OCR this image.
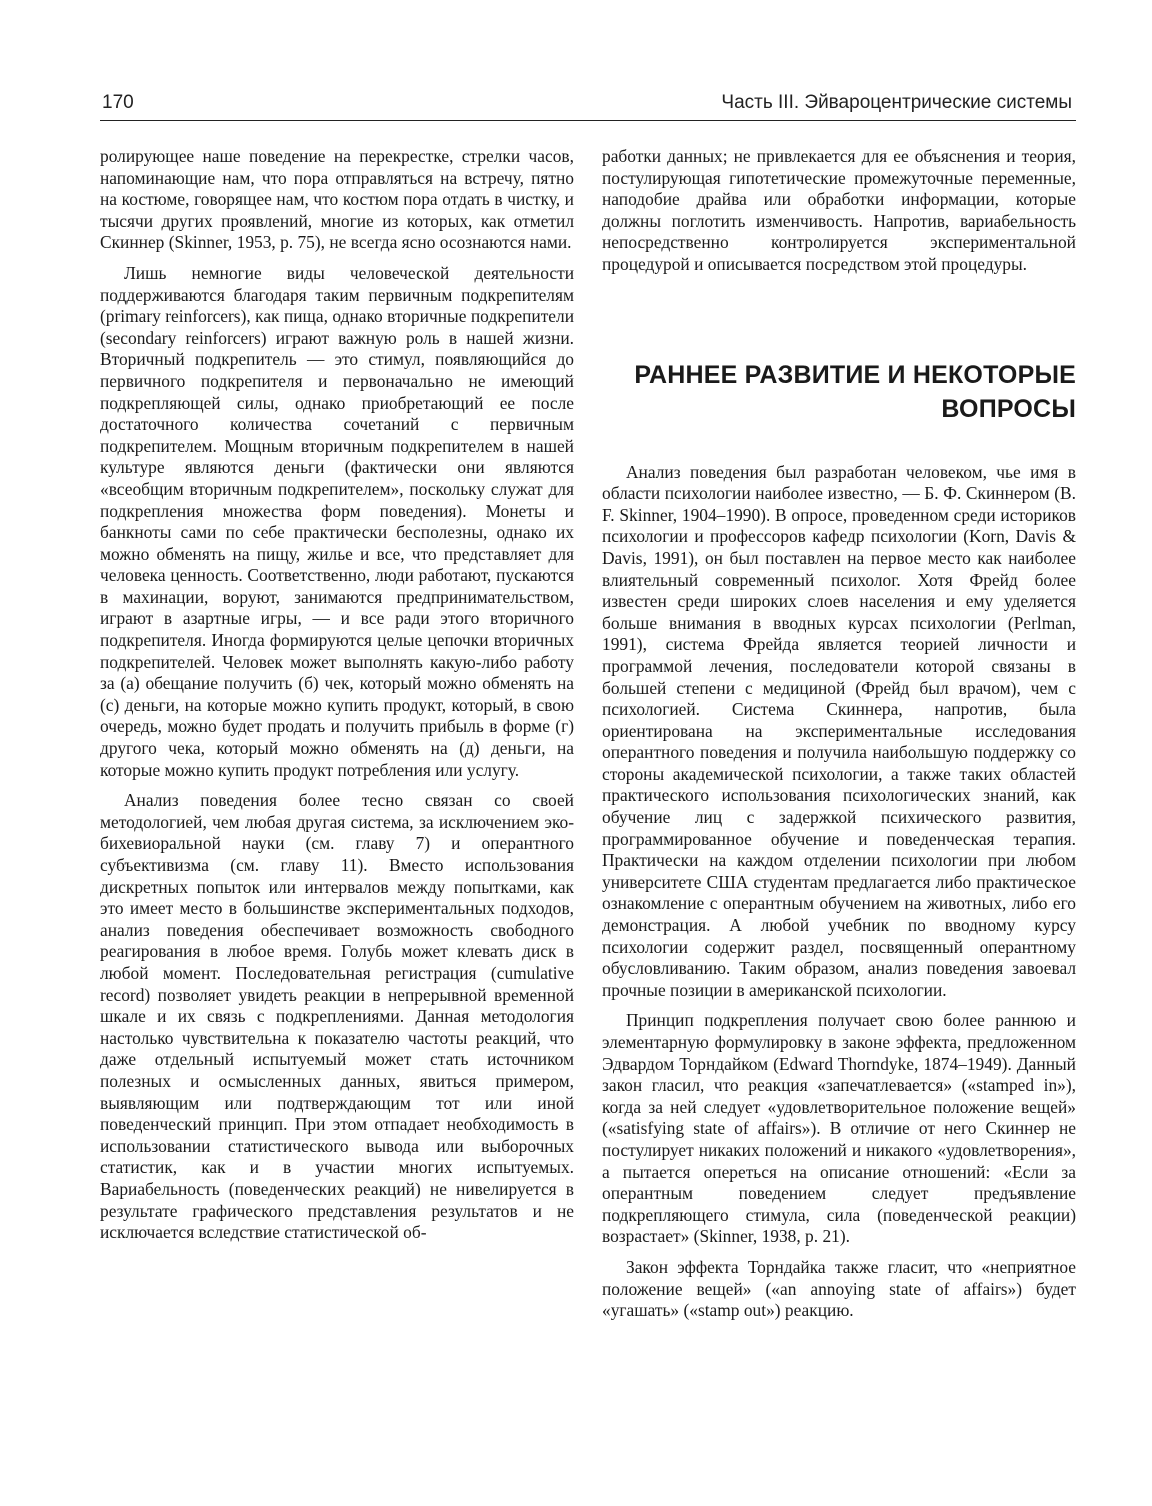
170	Часть III. Эйвароцентрические системы

ролирующее наше поведение на перекрестке, стрелки часов, напоминающие нам, что пора отправляться на встречу, пятно на костюме, говорящее нам, что костюм пора отдать в чистку, и тысячи других проявлений, многие из которых, как отметил Скиннер (Skinner, 1953, p. 75), не всегда ясно осознаются нами.

Лишь немногие виды человеческой деятельности поддерживаются благодаря таким первичным подкрепителям (primary reinforcers), как пища, однако вторичные подкрепители (secondary reinforcers) играют важную роль в нашей жизни. Вторичный подкрепитель — это стимул, появляющийся до первичного подкрепителя и первоначально не имеющий подкрепляющей силы, однако приобретающий ее после достаточного количества сочетаний с первичным подкрепителем. Мощным вторичным подкрепителем в нашей культуре являются деньги (фактически они являются «всеобщим вторичным подкрепителем», поскольку служат для подкрепления множества форм поведения). Монеты и банкноты сами по себе практически бесполезны, однако их можно обменять на пищу, жилье и все, что представляет для человека ценность. Соответственно, люди работают, пускаются в махинации, воруют, занимаются предпринимательством, играют в азартные игры, — и все ради этого вторичного подкрепителя. Иногда формируются целые цепочки вторичных подкрепителей. Человек может выполнять какую-либо работу за (а) обещание получить (б) чек, который можно обменять на (с) деньги, на которые можно купить продукт, который, в свою очередь, можно будет продать и получить прибыль в форме (г) другого чека, который можно обменять на (д) деньги, на которые можно купить продукт потребления или услугу.

Анализ поведения более тесно связан со своей методологией, чем любая другая система, за исключением эко-бихевиоральной науки (см. главу 7) и оперантного субъективизма (см. главу 11). Вместо использования дискретных попыток или интервалов между попытками, как это имеет место в большинстве экспериментальных подходов, анализ поведения обеспечивает возможность свободного реагирования в любое время. Голубь может клевать диск в любой момент. Последовательная регистрация (cumulative record) позволяет увидеть реакции в непрерывной временной шкале и их связь с подкреплениями. Данная методология настолько чувствительна к показателю частоты реакций, что даже отдельный испытуемый может стать источником полезных и осмысленных данных, явиться примером, выявляющим или подтверждающим тот или иной поведенческий принцип. При этом отпадает необходимость в использовании статистического вывода или выборочных статистик, как и в участии многих испытуемых. Вариабельность (поведенческих реакций) не нивелируется в результате графического представления результатов и не исключается вследствие статистической об-

работки данных; не привлекается для ее объяснения и теория, постулирующая гипотетические промежуточные переменные, наподобие драйва или обработки информации, которые должны поглотить изменчивость. Напротив, вариабельность непосредственно контролируется экспериментальной процедурой и описывается посредством этой процедуры.

РАННЕЕ РАЗВИТИЕ И НЕКОТОРЫЕ ВОПРОСЫ

Анализ поведения был разработан человеком, чье имя в области психологии наиболее известно, — Б. Ф. Скиннером (B. F. Skinner, 1904–1990). В опросе, проведенном среди историков психологии и профессоров кафедр психологии (Korn, Davis & Davis, 1991), он был поставлен на первое место как наиболее влиятельный современный психолог. Хотя Фрейд более известен среди широких слоев населения и ему уделяется больше внимания в вводных курсах психологии (Perlman, 1991), система Фрейда является теорией личности и программой лечения, последователи которой связаны в большей степени с медициной (Фрейд был врачом), чем с психологией. Система Скиннера, напротив, была ориентирована на экспериментальные исследования оперантного поведения и получила наибольшую поддержку со стороны академической психологии, а также таких областей практического использования психологических знаний, как обучение лиц с задержкой психического развития, программированное обучение и поведенческая терапия. Практически на каждом отделении психологии при любом университете США студентам предлагается либо практическое ознакомление с оперантным обучением на животных, либо его демонстрация. А любой учебник по вводному курсу психологии содержит раздел, посвященный оперантному обусловливанию. Таким образом, анализ поведения завоевал прочные позиции в американской психологии.

Принцип подкрепления получает свою более раннюю и элементарную формулировку в законе эффекта, предложенном Эдвардом Торндайком (Edward Thorndyke, 1874–1949). Данный закон гласил, что реакция «запечатлевается» («stamped in»), когда за ней следует «удовлетворительное положение вещей» («satisfying state of affairs»). В отличие от него Скиннер не постулирует никаких положений и никакого «удовлетворения», а пытается опереться на описание отношений: «Если за оперантным поведением следует предъявление подкрепляющего стимула, сила (поведенческой реакции) возрастает» (Skinner, 1938, p. 21).

Закон эффекта Торндайка также гласит, что «неприятное положение вещей» («an annoying state of affairs») будет «угашать» («stamp out») реакцию.
